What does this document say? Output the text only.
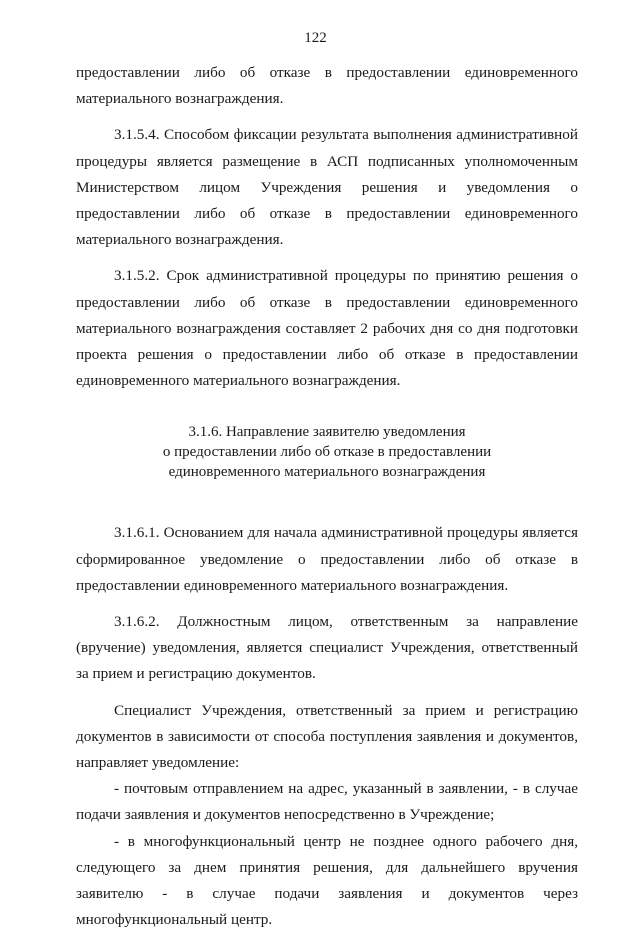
122

предоставлении либо об отказе в предоставлении единовременного материального вознаграждения.

3.1.5.4. Способом фиксации результата выполнения административной процедуры является размещение в АСП подписанных уполномоченным Министерством лицом Учреждения решения и уведомления о предоставлении либо об отказе в предоставлении единовременного материального вознаграждения.

3.1.5.2. Срок административной процедуры по принятию решения о предоставлении либо об отказе в предоставлении единовременного материального вознаграждения составляет 2 рабочих дня со дня подготовки проекта решения о предоставлении либо об отказе в предоставлении единовременного материального вознаграждения.

3.1.6. Направление заявителю уведомления
о предоставлении либо об отказе в предоставлении
единовременного материального вознаграждения

3.1.6.1. Основанием для начала административной процедуры является сформированное уведомление о предоставлении либо об отказе в предоставлении единовременного материального вознаграждения.

3.1.6.2. Должностным лицом, ответственным за направление (вручение) уведомления, является специалист Учреждения, ответственный за прием и регистрацию документов.

Специалист Учреждения, ответственный за прием и регистрацию документов в зависимости от способа поступления заявления и документов, направляет уведомление:

- почтовым отправлением на адрес, указанный в заявлении, - в случае подачи заявления и документов непосредственно в Учреждение;

- в многофункциональный центр не позднее одного рабочего дня, следующего за днем принятия решения, для дальнейшего вручения заявителю - в случае подачи заявления и документов через многофункциональный центр.
